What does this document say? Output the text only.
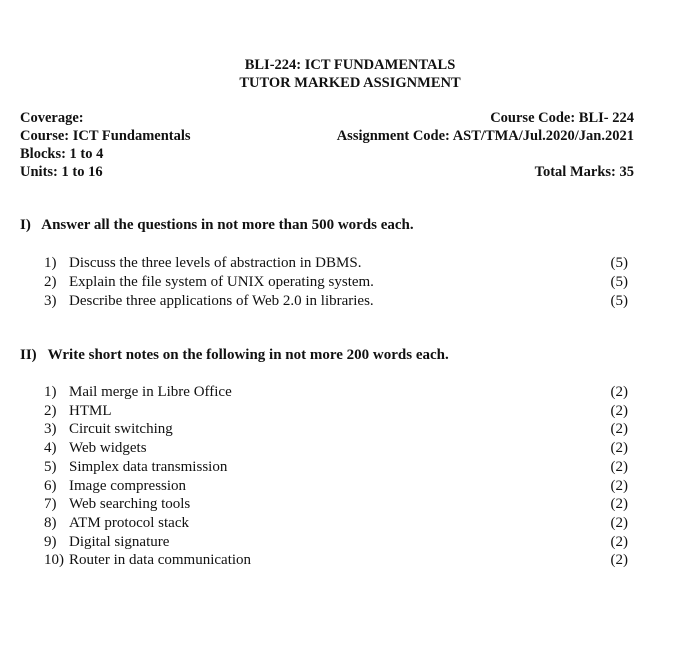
BLI-224: ICT FUNDAMENTALS
TUTOR MARKED ASSIGNMENT
Coverage:
Course: ICT Fundamentals
Blocks: 1 to 4
Units: 1 to 16
Course Code: BLI- 224
Assignment Code: AST/TMA/Jul.2020/Jan.2021
Total Marks: 35
I)   Answer all the questions in not more than 500 words each.
1) Discuss the three levels of abstraction in DBMS.	(5)
2) Explain the file system of UNIX operating system.	(5)
3) Describe three applications of Web 2.0 in libraries.	(5)
II)   Write short notes on the following in not more 200 words each.
1) Mail merge in Libre Office	(2)
2) HTML	(2)
3) Circuit switching	(2)
4) Web widgets	(2)
5) Simplex data transmission	(2)
6) Image compression	(2)
7) Web searching tools	(2)
8) ATM protocol stack	(2)
9) Digital signature	(2)
10) Router in data communication	(2)
